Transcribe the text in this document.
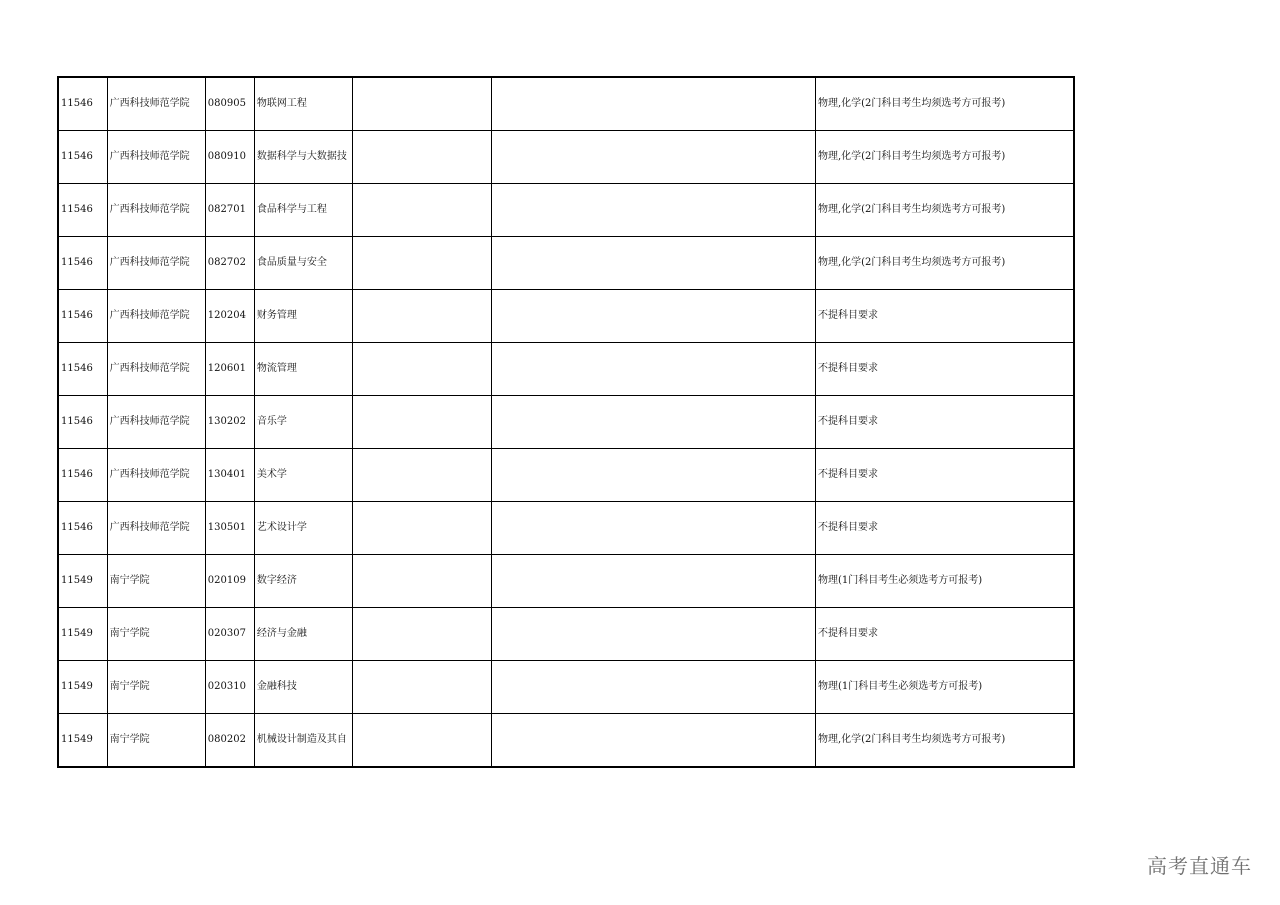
11546	广西科技师范学院	080905	物联网工程			物理,化学(2门科目考生均须选考方可报考)
11546	广西科技师范学院	080910	数据科学与大数据技			物理,化学(2门科目考生均须选考方可报考)
11546	广西科技师范学院	082701	食品科学与工程			物理,化学(2门科目考生均须选考方可报考)
11546	广西科技师范学院	082702	食品质量与安全			物理,化学(2门科目考生均须选考方可报考)
11546	广西科技师范学院	120204	财务管理			不提科目要求
11546	广西科技师范学院	120601	物流管理			不提科目要求
11546	广西科技师范学院	130202	音乐学			不提科目要求
11546	广西科技师范学院	130401	美术学			不提科目要求
11546	广西科技师范学院	130501	艺术设计学			不提科目要求
11549	南宁学院	020109	数字经济			物理(1门科目考生必须选考方可报考)
11549	南宁学院	020307	经济与金融			不提科目要求
11549	南宁学院	020310	金融科技			物理(1门科目考生必须选考方可报考)
11549	南宁学院	080202	机械设计制造及其自			物理,化学(2门科目考生均须选考方可报考)
高考直通车
